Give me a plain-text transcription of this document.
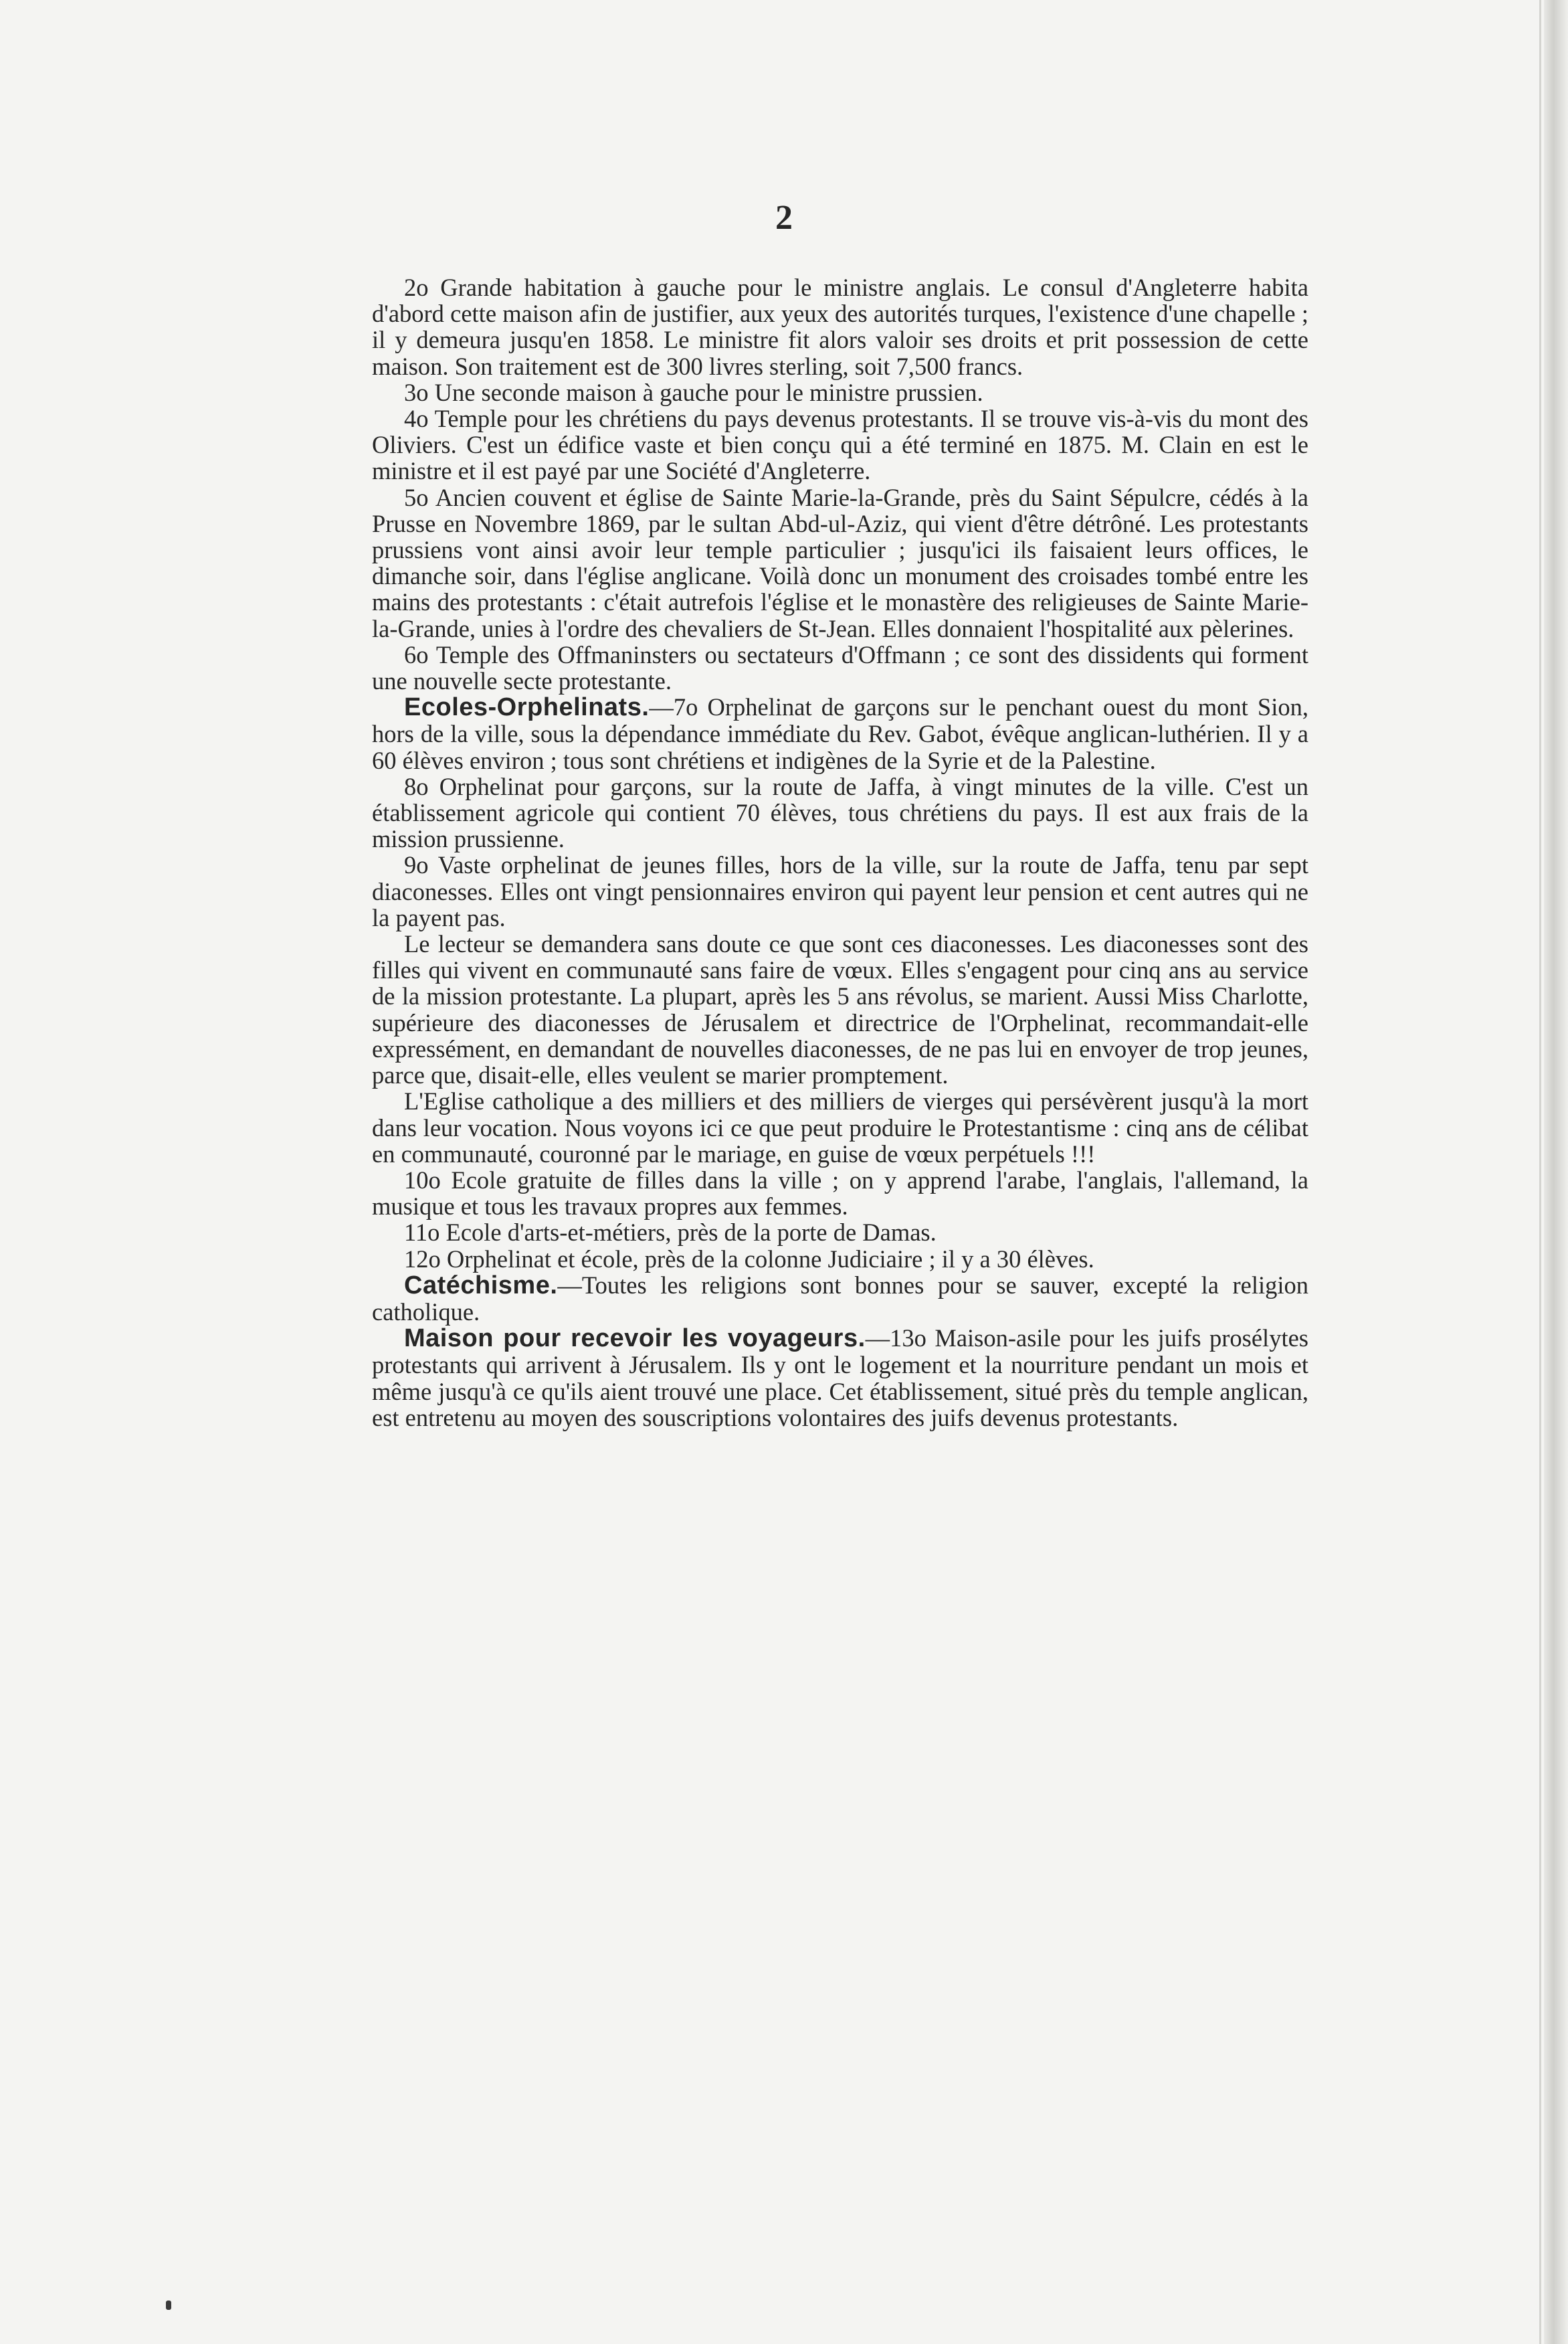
2

2o Grande habitation à gauche pour le ministre anglais. Le consul d'Angleterre habita d'abord cette maison afin de justifier, aux yeux des autorités turques, l'existence d'une chapelle ; il y demeura jusqu'en 1858. Le ministre fit alors valoir ses droits et prit possession de cette maison. Son traitement est de 300 livres sterling, soit 7,500 francs.

3o Une seconde maison à gauche pour le ministre prussien.

4o Temple pour les chrétiens du pays devenus protestants. Il se trouve vis-à-vis du mont des Oliviers. C'est un édifice vaste et bien conçu qui a été terminé en 1875. M. Clain en est le ministre et il est payé par une Société d'Angleterre.

5o Ancien couvent et église de Sainte Marie-la-Grande, près du Saint Sépulcre, cédés à la Prusse en Novembre 1869, par le sultan Abd-ul-Aziz, qui vient d'être détrôné. Les protestants prussiens vont ainsi avoir leur temple particulier ; jusqu'ici ils faisaient leurs offices, le dimanche soir, dans l'église anglicane. Voilà donc un monument des croisades tombé entre les mains des protestants : c'était autrefois l'église et le monastère des religieuses de Sainte Marie-la-Grande, unies à l'ordre des chevaliers de St-Jean. Elles donnaient l'hospitalité aux pèlerines.

6o Temple des Offmaninsters ou sectateurs d'Offmann ; ce sont des dissidents qui forment une nouvelle secte protestante.

Ecoles-Orphelinats.—7o Orphelinat de garçons sur le penchant ouest du mont Sion, hors de la ville, sous la dépendance immédiate du Rev. Gabot, évêque anglican-luthérien. Il y a 60 élèves environ ; tous sont chrétiens et indigènes de la Syrie et de la Palestine.

8o Orphelinat pour garçons, sur la route de Jaffa, à vingt minutes de la ville. C'est un établissement agricole qui contient 70 élèves, tous chrétiens du pays. Il est aux frais de la mission prussienne.

9o Vaste orphelinat de jeunes filles, hors de la ville, sur la route de Jaffa, tenu par sept diaconesses. Elles ont vingt pensionnaires environ qui payent leur pension et cent autres qui ne la payent pas.

Le lecteur se demandera sans doute ce que sont ces diaconesses. Les diaconesses sont des filles qui vivent en communauté sans faire de vœux. Elles s'engagent pour cinq ans au service de la mission protestante. La plupart, après les 5 ans révolus, se marient. Aussi Miss Charlotte, supérieure des diaconesses de Jérusalem et directrice de l'Orphelinat, recommandait-elle expressément, en demandant de nouvelles diaconesses, de ne pas lui en envoyer de trop jeunes, parce que, disait-elle, elles veulent se marier promptement.

L'Eglise catholique a des milliers et des milliers de vierges qui persévèrent jusqu'à la mort dans leur vocation. Nous voyons ici ce que peut produire le Protestantisme : cinq ans de célibat en communauté, couronné par le mariage, en guise de vœux perpétuels !!!

10o Ecole gratuite de filles dans la ville ; on y apprend l'arabe, l'anglais, l'allemand, la musique et tous les travaux propres aux femmes.

11o Ecole d'arts-et-métiers, près de la porte de Damas.

12o Orphelinat et école, près de la colonne Judiciaire ; il y a 30 élèves.

Catéchisme.—Toutes les religions sont bonnes pour se sauver, excepté la religion catholique.

Maison pour recevoir les voyageurs.—13o Maison-asile pour les juifs prosélytes protestants qui arrivent à Jérusalem. Ils y ont le logement et la nourriture pendant un mois et même jusqu'à ce qu'ils aient trouvé une place. Cet établissement, situé près du temple anglican, est entretenu au moyen des souscriptions volontaires des juifs devenus protestants.
